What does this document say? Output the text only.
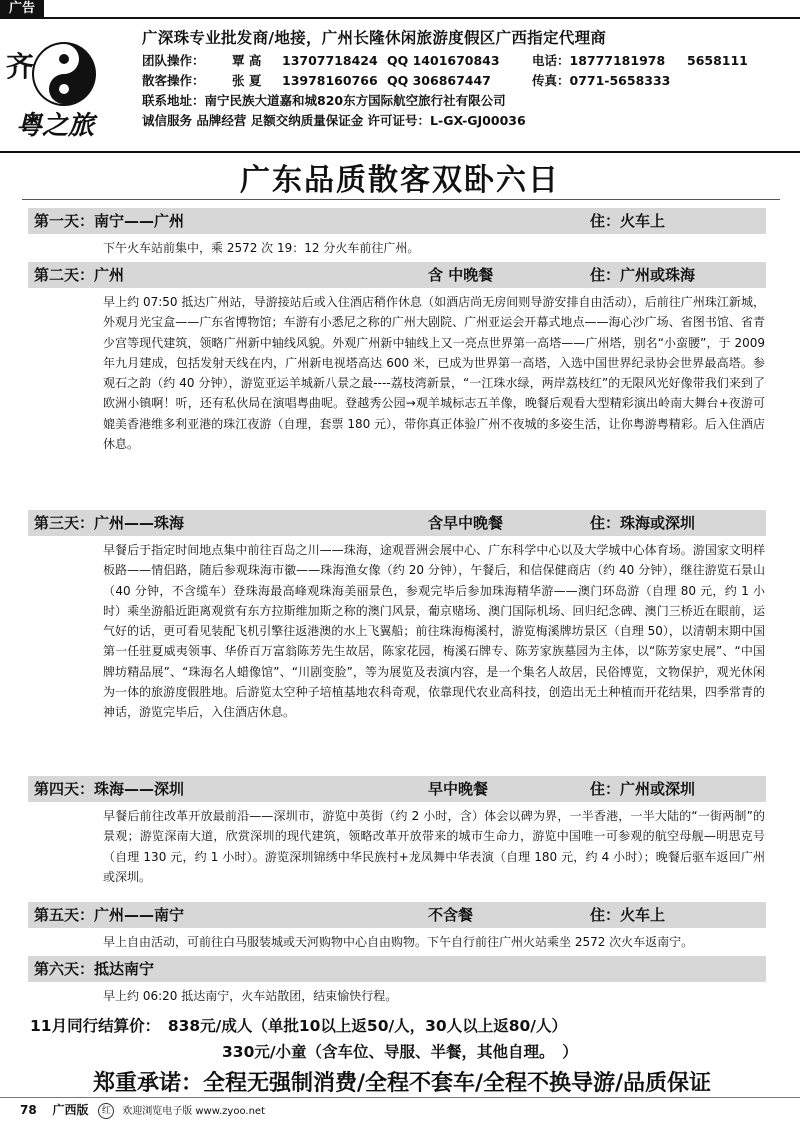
广告
齐
粤之旅
广深珠专业批发商/地接，广州长隆休闲旅游度假区广西指定代理商
团队操作： 覃 高 13707718424 QQ 1401670843	电话：18777181978 5658111
散客操作： 张 夏 13978160766 QQ 306867447	传真：0771-5658333
联系地址：南宁民族大道嘉和城820东方国际航空旅行社有限公司
诚信服务 品牌经营 足额交纳质量保证金 许可证号：L-GX-GJ00036
广东品质散客双卧六日
第一天：南宁——广州	住：火车上
下午火车站前集中，乘 2572 次 19：12 分火车前往广州。
第二天：广州	含 中晚餐	住：广州或珠海
早上约 07:50 抵达广州站，导游接站后或入住酒店稍作休息（如酒店尚无房间则导游安排自由活动），后前往广州珠江新城，外观月光宝盒——广东省博物馆；车游有小悉尼之称的广州大剧院、广州亚运会开幕式地点——海心沙广场、省图书馆、省青少宫等现代建筑，领略广州新中轴线风貌。外观广州新中轴线上又一亮点世界第一高塔——广州塔，别名“小蛮腰”，于 2009 年九月建成，包括发射天线在内，广州新电视塔高达 600 米，已成为世界第一高塔，入选中国世界纪录协会世界最高塔。参观石之韵（约 40 分钟），游览亚运羊城新八景之最----荔枝湾新景，“一江珠水绿，两岸荔枝红”的无限风光好像带我们来到了欧洲小镇啊！听，还有私伙局在演唱粤曲呢。登越秀公园→观羊城标志五羊像，晚餐后观看大型精彩演出岭南大舞台+夜游可媲美香港维多利亚港的珠江夜游（自理，套票 180 元），带你真正体验广州不夜城的多姿生活，让你粤游粤精彩。后入住酒店休息。
第三天：广州——珠海	含早中晚餐	住：珠海或深圳
早餐后于指定时间地点集中前往百岛之川——珠海，途观晋洲会展中心、广东科学中心以及大学城中心体育场。游国家文明样板路——情侣路，随后参观珠海市徽——珠海渔女像（约 20 分钟），午餐后，和信保健商店（约 40 分钟），继往游览石景山（40 分钟，不含缆车）登珠海最高峰观珠海美丽景色，参观完毕后参加珠海精华游——澳门环岛游（自理 80 元，约 1 小时）乘坐游船近距离观赏有东方拉斯维加斯之称的澳门风景，葡京赌场、澳门国际机场、回归纪念碑、澳门三桥近在眼前，运气好的话，更可看见装配飞机引擎往返港澳的水上飞翼船；前往珠海梅溪村，游览梅溪牌坊景区（自理 50），以清朝末期中国第一任驻夏威夷领事、华侨百万富翁陈芳先生故居，陈家花园，梅溪石牌专、陈芳家族墓园为主体，以“陈芳家史展”、“中国牌坊精品展”、“珠海名人蜡像馆”、“川剧变脸”，等为展览及表演内容，是一个集名人故居，民俗博览，文物保护，观光休闲为一体的旅游度假胜地。后游览太空种子培植基地农科奇观，依靠现代农业高科技，创造出无土种植而开花结果，四季常青的神话，游览完毕后，入住酒店休息。
第四天：珠海——深圳	早中晚餐	住：广州或深圳
早餐后前往改革开放最前沿——深圳市，游览中英街（约 2 小时，含）体会以碑为界，一半香港，一半大陆的“一街两制”的景观；游览深南大道，欣赏深圳的现代建筑，领略改革开放带来的城市生命力，游览中国唯一可参观的航空母舰—明思克号（自理 130 元，约 1 小时）。游览深圳锦绣中华民族村+龙凤舞中华表演（自理 180 元，约 4 小时）；晚餐后驱车返回广州或深圳。
第五天：广州——南宁	不含餐	住：火车上
早上自由活动，可前往白马服装城或天河购物中心自由购物。下午自行前往广州火站乘坐 2572 次火车返南宁。
第六天：抵达南宁
早上约 06:20 抵达南宁，火车站散团，结束愉快行程。
11月同行结算价：　838元/成人（单批10以上返50/人，30人以上返80/人）
330元/小童（含车位、导服、半餐，其他自理。　）
郑重承诺：全程无强制消费/全程不套车/全程不换导游/品质保证
78 广西版 红 欢迎浏览电子版 www.zyoo.net
